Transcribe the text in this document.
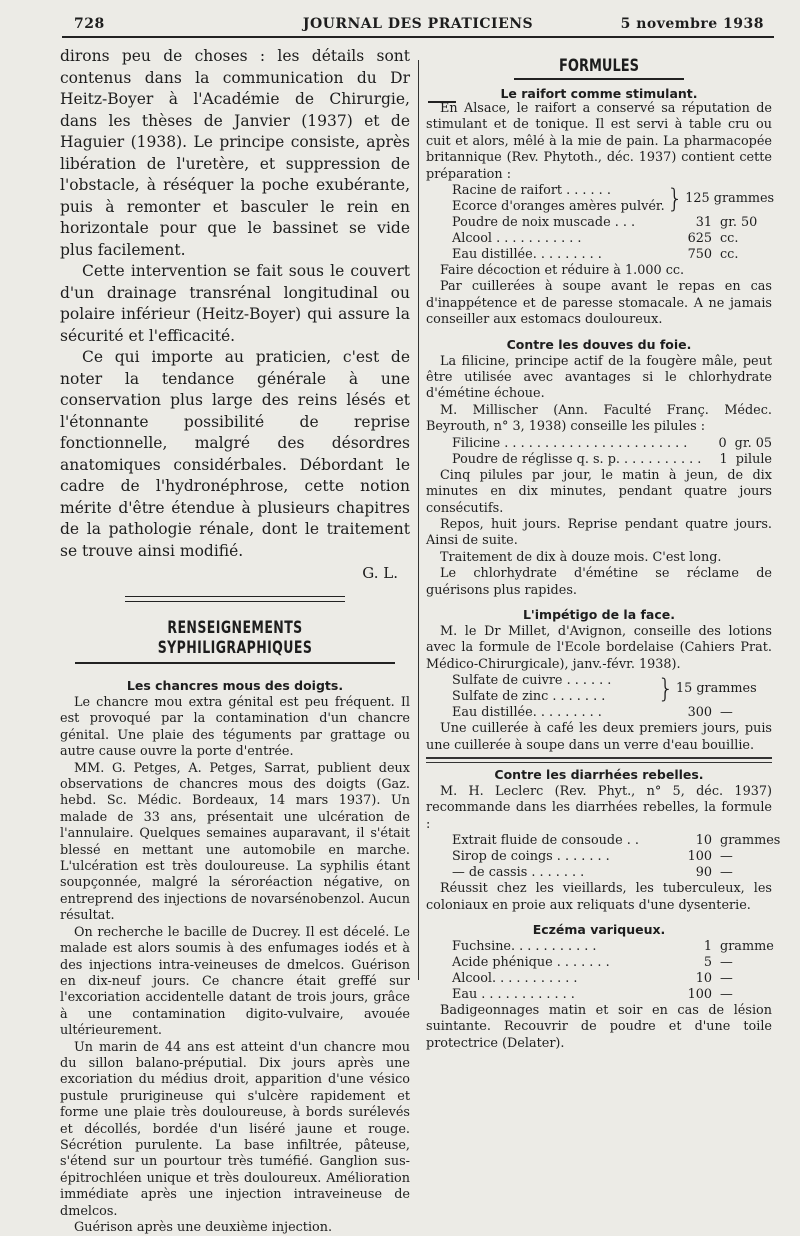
728	JOURNAL DES PRATICIENS	5 novembre 1938

dirons peu de choses : les détails sont contenus dans la communication du Dr Heitz-Boyer à l'Académie de Chirurgie, dans les thèses de Janvier (1937) et de Haguier (1938). Le principe consiste, après libération de l'uretère, et suppression de l'obstacle, à réséquer la poche exubérante, puis à remonter et basculer le rein en horizontale pour que le bassinet se vide plus facilement.

Cette intervention se fait sous le couvert d'un drainage transrénal longitudinal ou polaire inférieur (Heitz-Boyer) qui assure la sécurité et l'efficacité.

Ce qui importe au praticien, c'est de noter la tendance générale à une conservation plus large des reins lésés et l'étonnante possibilité de reprise fonctionnelle, malgré des désordres anatomiques considérbales. Débordant le cadre de l'hydronéphrose, cette notion mérite d'être étendue à plusieurs chapitres de la pathologie rénale, dont le traitement se trouve ainsi modifié.

G. L.
RENSEIGNEMENTS SYPHILIGRAPHIQUES
Les chancres mous des doigts.

Le chancre mou extra génital est peu fréquent. Il est provoqué par la contamination d'un chancre génital. Une plaie des téguments par grattage ou autre cause ouvre la porte d'entrée.

MM. G. Petges, A. Petges, Sarrat, publient deux observations de chancres mous des doigts (Gaz. hebd. Sc. Médic. Bordeaux, 14 mars 1937). Un malade de 33 ans, présentait une ulcération de l'annulaire. Quelques semaines auparavant, il s'était blessé en mettant une automobile en marche. L'ulcération est très douloureuse. La syphilis étant soupçonnée, malgré la séroréaction négative, on entreprend des injections de novarsénobenzol. Aucun résultat.

On recherche le bacille de Ducrey. Il est décelé. Le malade est alors soumis à des enfumages iodés et à des injections intra-veineuses de dmelcos. Guérison en dix-neuf jours. Ce chancre était greffé sur l'excoriation accidentelle datant de trois jours, grâce à une contamination digito-vulvaire, avouée ultérieurement.

Un marin de 44 ans est atteint d'un chancre mou du sillon balano-préputial. Dix jours après une excoriation du médius droit, apparition d'une vésico pustule prurigineuse qui s'ulcère rapidement et forme une plaie très douloureuse, à bords surélevés et décollés, bordée d'un liséré jaune et rouge. Sécrétion purulente. La base infiltrée, pâteuse, s'étend sur un pourtour très tuméfié. Ganglion sus-épitrochléen unique et très douloureux. Amélioration immédiate après une injection intraveineuse de dmelcos.

Guérison après une deuxième injection.

FORMULES
Le raifort comme stimulant.

En Alsace, le raifort a conservé sa réputation de stimulant et de tonique. Il est servi à table cru ou cuit et alors, mêlé à la mie de pain. La pharmacopée britannique (Rev. Phytoth., déc. 1937) contient cette préparation :

Racine de raifort . . . . . .
Ecorce d'oranges amères pulvér. } 125 grammes
Poudre de noix muscade . . .	31 gr. 50
Alcool . . . . . . . . . . .	625 cc.
Eau distillée. . . . . . . . .	750 cc.

Faire décoction et réduire à 1.000 cc.

Par cuillerées à soupe avant le repas en cas d'inappétence et de paresse stomacale. A ne jamais conseiller aux estomacs douloureux.

Contre les douves du foie.

La filicine, principe actif de la fougère mâle, peut être utilisée avec avantages si le chlorhydrate d'émétine échoue.

M. Millischer (Ann. Faculté Franç. Médec. Beyrouth, n° 3, 1938) conseille les pilules :

Filicine . . . . . . . . . . . . . . . . . . . . . . .	0 gr. 05
Poudre de réglisse q. s. p. . . . . . . . . . .	1 pilule

Cinq pilules par jour, le matin à jeun, de dix minutes en dix minutes, pendant quatre jours consécutifs.

Repos, huit jours. Reprise pendant quatre jours. Ainsi de suite.

Traitement de dix à douze mois. C'est long.

Le chlorhydrate d'émétine se réclame de guérisons plus rapides.

L'impétigo de la face.

M. le Dr Millet, d'Avignon, conseille des lotions avec la formule de l'Ecole bordelaise (Cahiers Prat. Médico-Chirurgicale), janv.-févr. 1938).

Sulfate de cuivre . . . . . .
Sulfate de zinc . . . . . . .	} 15 grammes
Eau distillée. . . . . . . . .	300 —

Une cuillerée à café les deux premiers jours, puis une cuillerée à soupe dans un verre d'eau bouillie.

Contre les diarrhées rebelles.

M. H. Leclerc (Rev. Phyt., n° 5, déc. 1937) recommande dans les diarrhées rebelles, la formule :

Extrait fluide de consoude . .	10 grammes
Sirop de coings . . . . . . .	100 —
— de cassis . . . . . . .	90 —

Réussit chez les vieillards, les tuberculeux, les coloniaux en proie aux reliquats d'une dysenterie.

Eczéma variqueux.
Fuchsine. . . . . . . . . . .	1 gramme
Acide phénique . . . . . . .	5 —
Alcool. . . . . . . . . . .	10 —
Eau . . . . . . . . . . . .	100 —

Badigeonnages matin et soir en cas de lésion suintante. Recouvrir de poudre et d'une toile protectrice (Delater).
